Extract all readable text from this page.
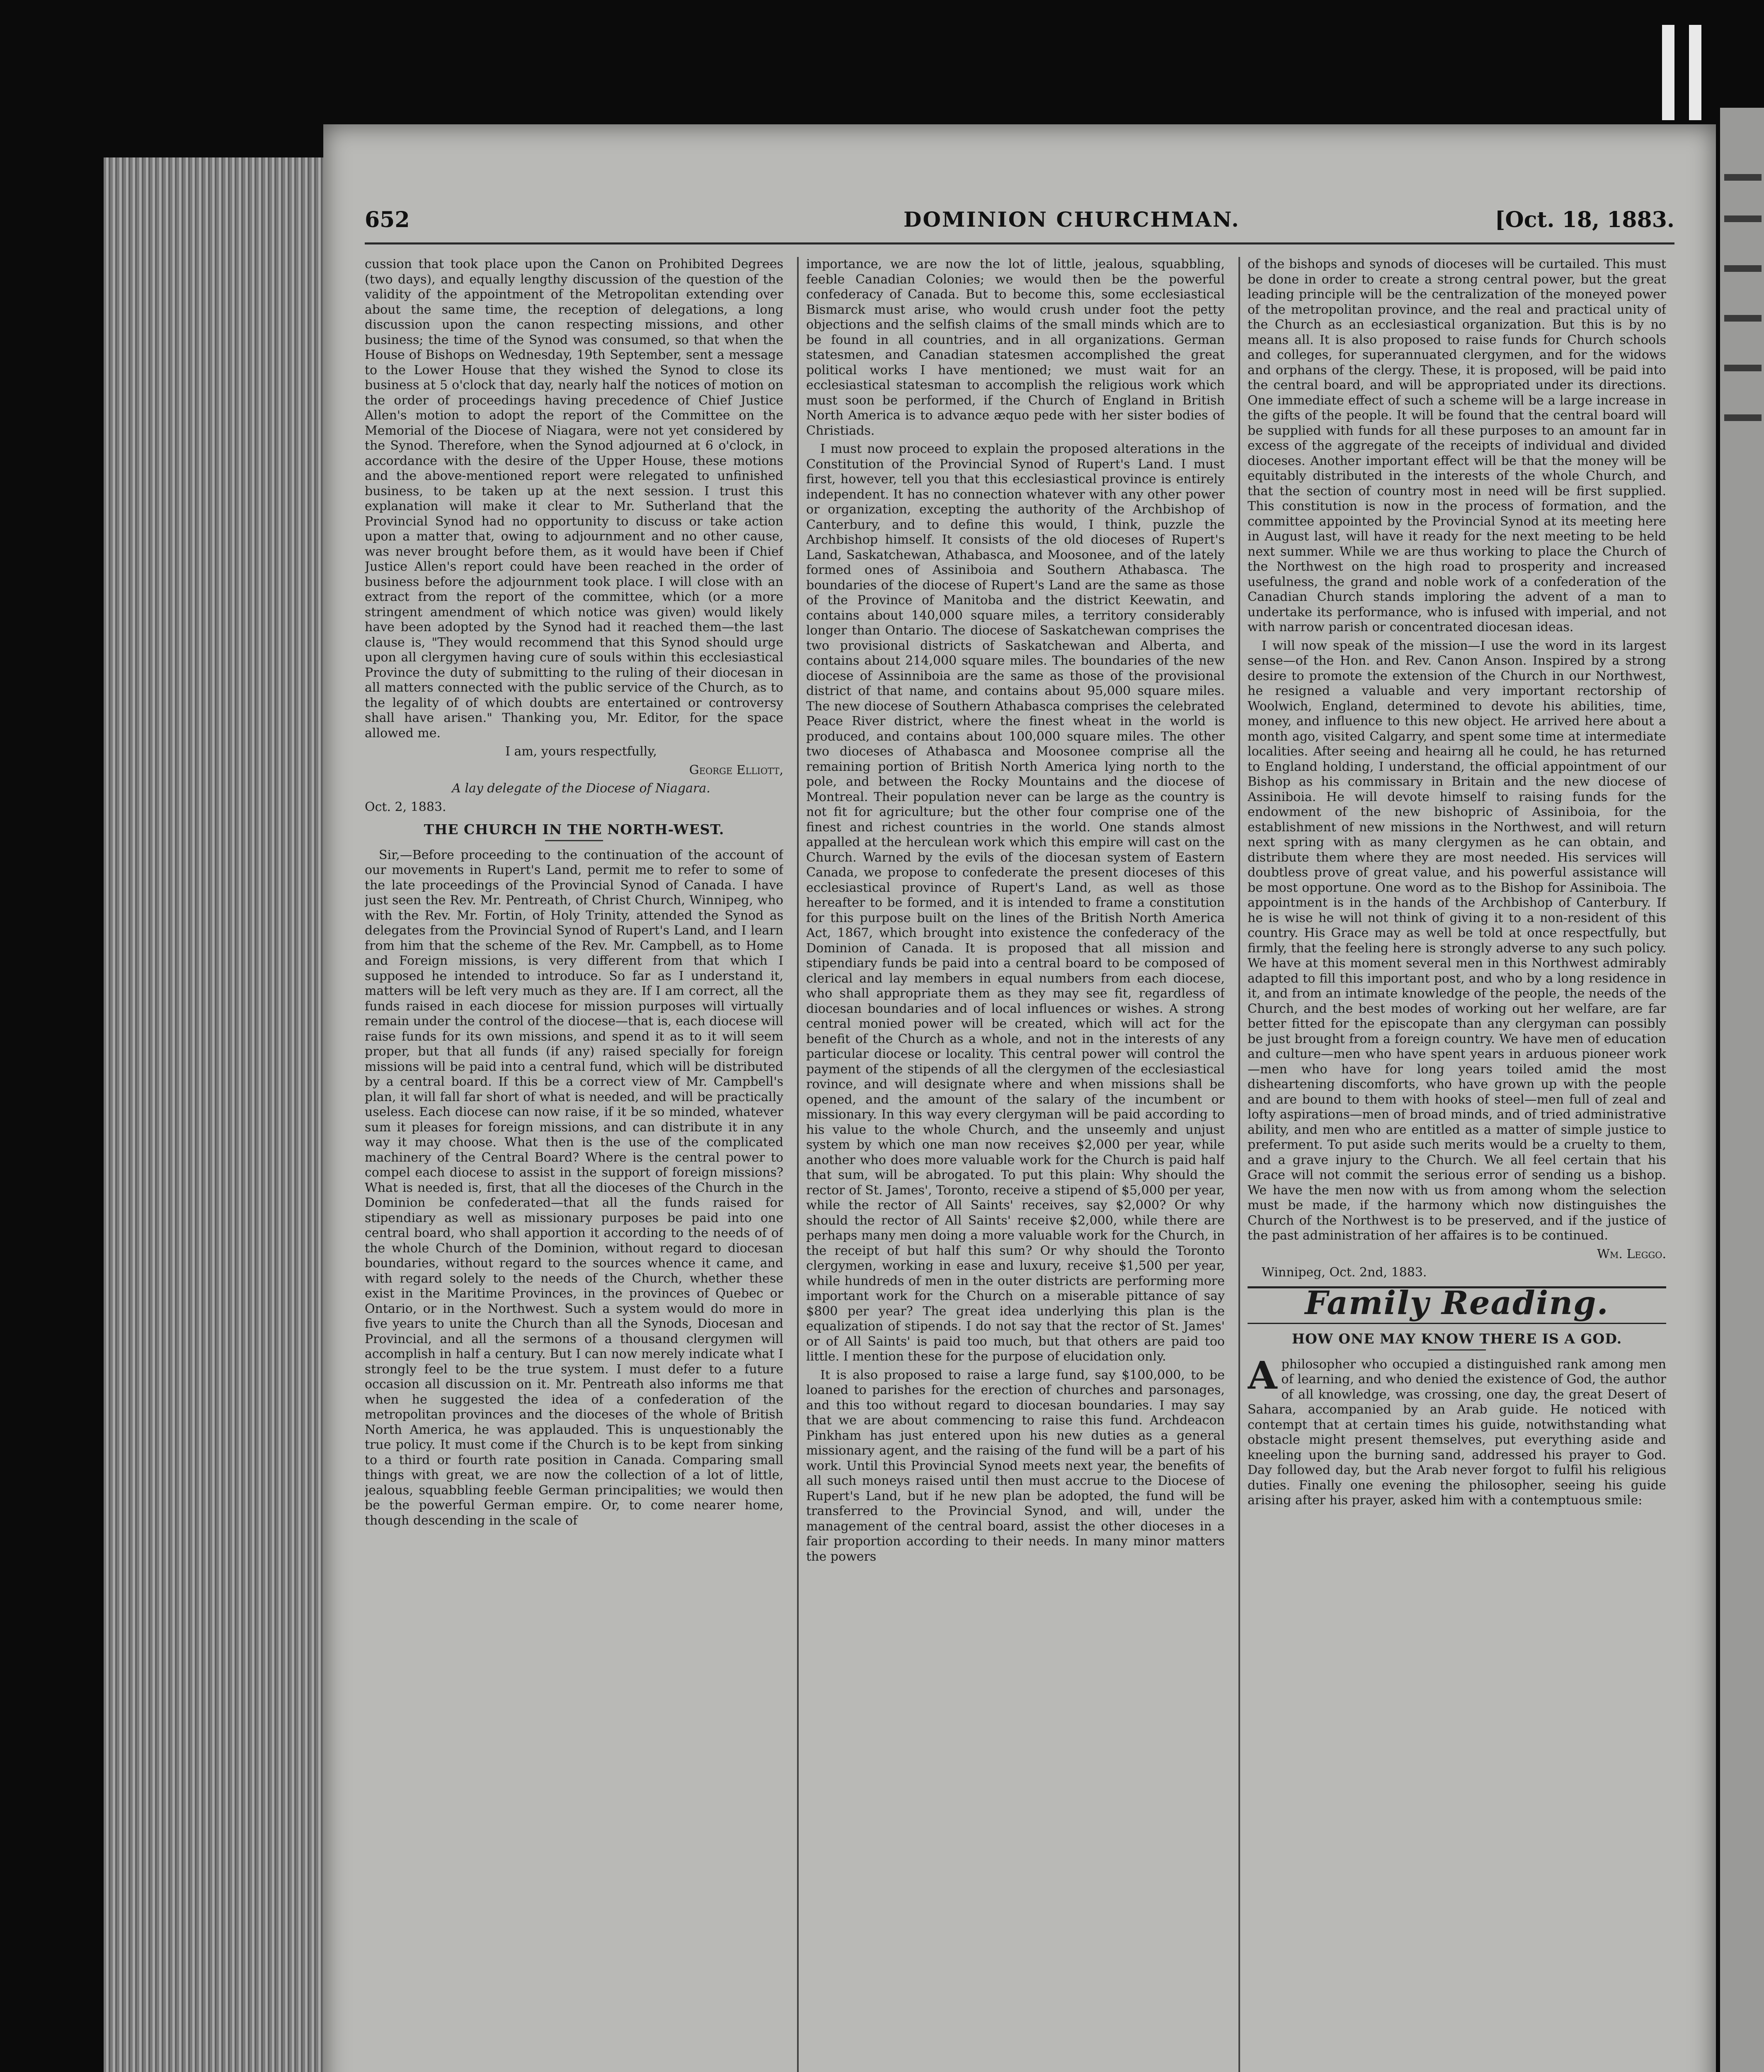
652	DOMINION CHURCHMAN.	[Oct. 18, 1883.

cussion that took place upon the Canon on Prohibited Degrees (two days), and equally lengthy discussion of the question of the validity of the appointment of the Metropolitan extending over about the same time, the reception of delegations, a long discussion upon the canon respecting missions, and other business; the time of the Synod was consumed, so that when the House of Bishops on Wednesday, 19th September, sent a message to the Lower House that they wished the Synod to close its business at 5 o'clock that day, nearly half the notices of motion on the order of proceedings having precedence of Chief Justice Allen's motion to adopt the report of the Committee on the Memorial of the Diocese of Niagara, were not yet considered by the Synod. Therefore, when the Synod adjourned at 6 o'clock, in accordance with the desire of the Upper House, these motions and the above-mentioned report were relegated to unfinished business, to be taken up at the next session. I trust this explanation will make it clear to Mr. Sutherland that the Provincial Synod had no opportunity to discuss or take action upon a matter that, owing to adjournment and no other cause, was never brought before them, as it would have been if Chief Justice Allen's report could have been reached in the order of business before the adjournment took place. I will close with an extract from the report of the committee, which (or a more stringent amendment of which notice was given) would likely have been adopted by the Synod had it reached them—the last clause is, "They would recommend that this Synod should urge upon all clergymen having cure of souls within this ecclesiastical Province the duty of submitting to the ruling of their diocesan in all matters connected with the public service of the Church, as to the legality of of which doubts are entertained or controversy shall have arisen." Thanking you, Mr. Editor, for the space allowed me.

I am, yours respectfully,

George Elliott,

A lay delegate of the Diocese of Niagara.

Oct. 2, 1883.

THE CHURCH IN THE NORTH-WEST.

Sir,—Before proceeding to the continuation of the account of our movements in Rupert's Land, permit me to refer to some of the late proceedings of the Provincial Synod of Canada. I have just seen the Rev. Mr. Pentreath, of Christ Church, Winnipeg, who with the Rev. Mr. Fortin, of Holy Trinity, attended the Synod as delegates from the Provincial Synod of Rupert's Land, and I learn from him that the scheme of the Rev. Mr. Campbell, as to Home and Foreign missions, is very different from that which I supposed he intended to introduce. So far as I understand it, matters will be left very much as they are. If I am correct, all the funds raised in each diocese for mission purposes will virtually remain under the control of the diocese—that is, each diocese will raise funds for its own missions, and spend it as to it will seem proper, but that all funds (if any) raised specially for foreign missions will be paid into a central fund, which will be distributed by a central board. If this be a correct view of Mr. Campbell's plan, it will fall far short of what is needed, and will be practically useless. Each diocese can now raise, if it be so minded, whatever sum it pleases for foreign missions, and can distribute it in any way it may choose. What then is the use of the complicated machinery of the Central Board? Where is the central power to compel each diocese to assist in the support of foreign missions? What is needed is, first, that all the dioceses of the Church in the Dominion be confederated—that all the funds raised for stipendiary as well as missionary purposes be paid into one central board, who shall apportion it according to the needs of of the whole Church of the Dominion, without regard to diocesan boundaries, without regard to the sources whence it came, and with regard solely to the needs of the Church, whether these exist in the Maritime Provinces, in the provinces of Quebec or Ontario, or in the Northwest. Such a system would do more in five years to unite the Church than all the Synods, Diocesan and Provincial, and all the sermons of a thousand clergymen will accomplish in half a century. But I can now merely indicate what I strongly feel to be the true system. I must defer to a future occasion all discussion on it. Mr. Pentreath also informs me that when he suggested the idea of a confederation of the metropolitan provinces and the dioceses of the whole of British North America, he was applauded. This is unquestionably the true policy. It must come if the Church is to be kept from sinking to a third or fourth rate position in Canada. Comparing small things with great, we are now the collection of a lot of little, jealous, squabbling feeble German principalities; we would then be the powerful German empire. Or, to come nearer home, though descending in the scale of

importance, we are now the lot of little, jealous, squabbling, feeble Canadian Colonies; we would then be the powerful confederacy of Canada. But to become this, some ecclesiastical Bismarck must arise, who would crush under foot the petty objections and the selfish claims of the small minds which are to be found in all countries, and in all organizations. German statesmen, and Canadian statesmen accomplished the great political works I have mentioned; we must wait for an ecclesiastical statesman to accomplish the religious work which must soon be performed, if the Church of England in British North America is to advance æquo pede with her sister bodies of Christiads.

I must now proceed to explain the proposed alterations in the Constitution of the Provincial Synod of Rupert's Land. I must first, however, tell you that this ecclesiastical province is entirely independent. It has no connection whatever with any other power or organization, excepting the authority of the Archbishop of Canterbury, and to define this would, I think, puzzle the Archbishop himself. It consists of the old dioceses of Rupert's Land, Saskatchewan, Athabasca, and Moosonee, and of the lately formed ones of Assiniboia and Southern Athabasca. The boundaries of the diocese of Rupert's Land are the same as those of the Province of Manitoba and the district Keewatin, and contains about 140,000 square miles, a territory considerably longer than Ontario. The diocese of Saskatchewan comprises the two provisional districts of Saskatchewan and Alberta, and contains about 214,000 square miles. The boundaries of the new diocese of Assinniboia are the same as those of the provisional district of that name, and contains about 95,000 square miles. The new diocese of Southern Athabasca comprises the celebrated Peace River district, where the finest wheat in the world is produced, and contains about 100,000 square miles. The other two dioceses of Athabasca and Moosonee comprise all the remaining portion of British North America lying north to the pole, and between the Rocky Mountains and the diocese of Montreal. Their population never can be large as the country is not fit for agriculture; but the other four comprise one of the finest and richest countries in the world. One stands almost appalled at the herculean work which this empire will cast on the Church. Warned by the evils of the diocesan system of Eastern Canada, we propose to confederate the present dioceses of this ecclesiastical province of Rupert's Land, as well as those hereafter to be formed, and it is intended to frame a constitution for this purpose built on the lines of the British North America Act, 1867, which brought into existence the confederacy of the Dominion of Canada. It is proposed that all mission and stipendiary funds be paid into a central board to be composed of clerical and lay members in equal numbers from each diocese, who shall appropriate them as they may see fit, regardless of diocesan boundaries and of local influences or wishes. A strong central monied power will be created, which will act for the benefit of the Church as a whole, and not in the interests of any particular diocese or locality. This central power will control the payment of the stipends of all the clergymen of the ecclesiastical rovince, and will designate where and when missions shall be opened, and the amount of the salary of the incumbent or missionary. In this way every clergyman will be paid according to his value to the whole Church, and the unseemly and unjust system by which one man now receives $2,000 per year, while another who does more valuable work for the Church is paid half that sum, will be abrogated. To put this plain: Why should the rector of St. James', Toronto, receive a stipend of $5,000 per year, while the rector of All Saints' receives, say $2,000? Or why should the rector of All Saints' receive $2,000, while there are perhaps many men doing a more valuable work for the Church, in the receipt of but half this sum? Or why should the Toronto clergymen, working in ease and luxury, receive $1,500 per year, while hundreds of men in the outer districts are performing more important work for the Church on a miserable pittance of say $800 per year? The great idea underlying this plan is the equalization of stipends. I do not say that the rector of St. James' or of All Saints' is paid too much, but that others are paid too little. I mention these for the purpose of elucidation only.

It is also proposed to raise a large fund, say $100,000, to be loaned to parishes for the erection of churches and parsonages, and this too without regard to diocesan boundaries. I may say that we are about commencing to raise this fund. Archdeacon Pinkham has just entered upon his new duties as a general missionary agent, and the raising of the fund will be a part of his work. Until this Provincial Synod meets next year, the benefits of all such moneys raised until then must accrue to the Diocese of Rupert's Land, but if he new plan be adopted, the fund will be transferred to the Provincial Synod, and will, under the management of the central board, assist the other dioceses in a fair proportion according to their needs. In many minor matters the powers

of the bishops and synods of dioceses will be curtailed. This must be done in order to create a strong central power, but the great leading principle will be the centralization of the moneyed power of the metropolitan province, and the real and practical unity of the Church as an ecclesiastical organization. But this is by no means all. It is also proposed to raise funds for Church schools and colleges, for superannuated clergymen, and for the widows and orphans of the clergy. These, it is proposed, will be paid into the central board, and will be appropriated under its directions. One immediate effect of such a scheme will be a large increase in the gifts of the people. It will be found that the central board will be supplied with funds for all these purposes to an amount far in excess of the aggregate of the receipts of individual and divided dioceses. Another important effect will be that the money will be equitably distributed in the interests of the whole Church, and that the section of country most in need will be first supplied. This constitution is now in the process of formation, and the committee appointed by the Provincial Synod at its meeting here in August last, will have it ready for the next meeting to be held next summer. While we are thus working to place the Church of the Northwest on the high road to prosperity and increased usefulness, the grand and noble work of a confederation of the Canadian Church stands imploring the advent of a man to undertake its performance, who is infused with imperial, and not with narrow parish or concentrated diocesan ideas.

I will now speak of the mission—I use the word in its largest sense—of the Hon. and Rev. Canon Anson. Inspired by a strong desire to promote the extension of the Church in our Northwest, he resigned a valuable and very important rectorship of Woolwich, England, determined to devote his abilities, time, money, and influence to this new object. He arrived here about a month ago, visited Calgarry, and spent some time at intermediate localities. After seeing and heairng all he could, he has returned to England holding, I understand, the official appointment of our Bishop as his commissary in Britain and the new diocese of Assiniboia. He will devote himself to raising funds for the endowment of the new bishopric of Assiniboia, for the establishment of new missions in the Northwest, and will return next spring with as many clergymen as he can obtain, and distribute them where they are most needed. His services will doubtless prove of great value, and his powerful assistance will be most opportune. One word as to the Bishop for Assiniboia. The appointment is in the hands of the Archbishop of Canterbury. If he is wise he will not think of giving it to a non-resident of this country. His Grace may as well be told at once respectfully, but firmly, that the feeling here is strongly adverse to any such policy. We have at this moment several men in this Northwest admirably adapted to fill this important post, and who by a long residence in it, and from an intimate knowledge of the people, the needs of the Church, and the best modes of working out her welfare, are far better fitted for the episcopate than any clergyman can possibly be just brought from a foreign country. We have men of education and culture—men who have spent years in arduous pioneer work—men who have for long years toiled amid the most disheartening discomforts, who have grown up with the people and are bound to them with hooks of steel—men full of zeal and lofty aspirations—men of broad minds, and of tried administrative ability, and men who are entitled as a matter of simple justice to preferment. To put aside such merits would be a cruelty to them, and a grave injury to the Church. We all feel certain that his Grace will not commit the serious error of sending us a bishop. We have the men now with us from among whom the selection must be made, if the harmony which now distinguishes the Church of the Northwest is to be preserved, and if the justice of the past administration of her affaires is to be continued.

Wm. Leggo.

Winnipeg, Oct. 2nd, 1883.

Family Reading.
HOW ONE MAY KNOW THERE IS A GOD.

A philosopher who occupied a distinguished rank among men of learning, and who denied the existence of God, the author of all knowledge, was crossing, one day, the great Desert of Sahara, accompanied by an Arab guide. He noticed with contempt that at certain times his guide, notwithstanding what obstacle might present themselves, put everything aside and kneeling upon the burning sand, addressed his prayer to God. Day followed day, but the Arab never forgot to fulfil his religious duties. Finally one evening the philosopher, seeing his guide arising after his prayer, asked him with a contemptuous smile:
